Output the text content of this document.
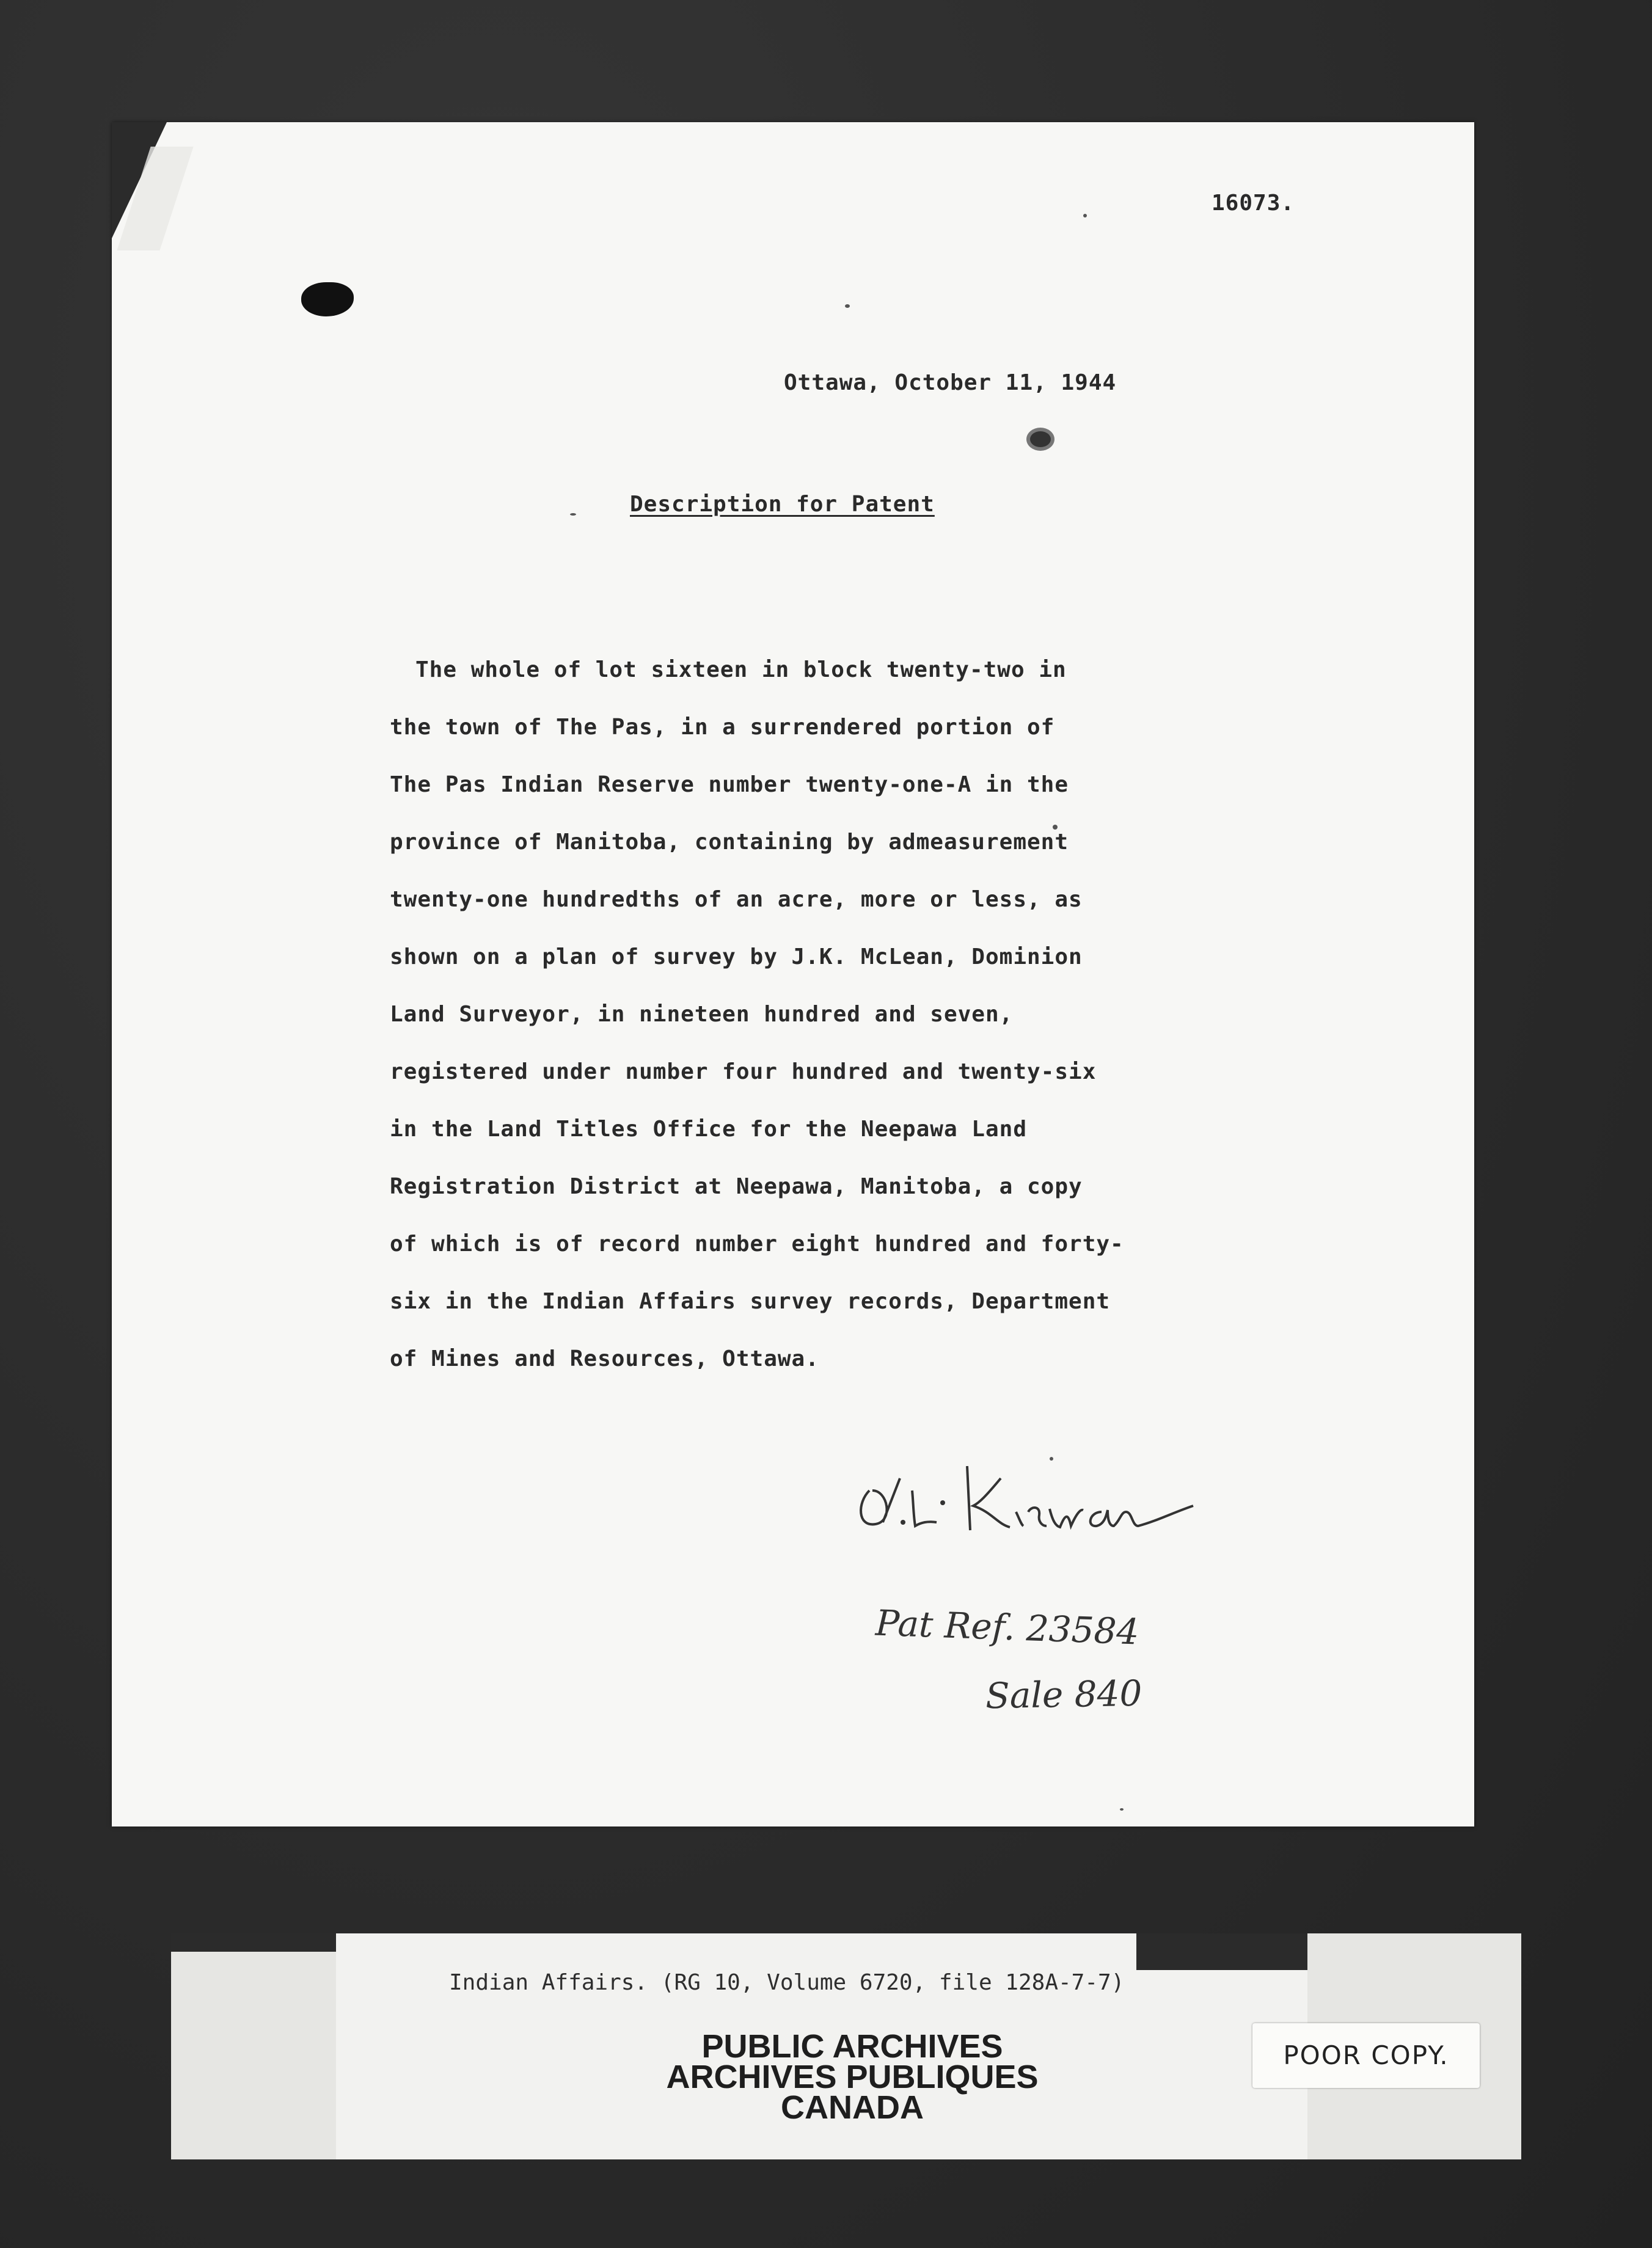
16073.
Ottawa, October 11, 1944
Description for Patent
The whole of lot sixteen in block twenty-two in
the town of The Pas, in a surrendered portion of
The Pas Indian Reserve number twenty-one-A in the
province of Manitoba, containing by admeasurement
twenty-one hundredths of an acre, more or less, as
shown on a plan of survey by J.K. McLean, Dominion
Land Surveyor, in nineteen hundred and seven,
registered under number four hundred and twenty-six
in the Land Titles Office for the Neepawa Land
Registration District at Neepawa, Manitoba, a copy
of which is of record number eight hundred and forty-
six in the Indian Affairs survey records, Department
of Mines and Resources, Ottawa.
Pat Ref. 23584
Sale 840
Indian Affairs. (RG 10, Volume 6720, file 128A-7-7)
PUBLIC ARCHIVES
ARCHIVES PUBLIQUES
CANADA
POOR COPY.
